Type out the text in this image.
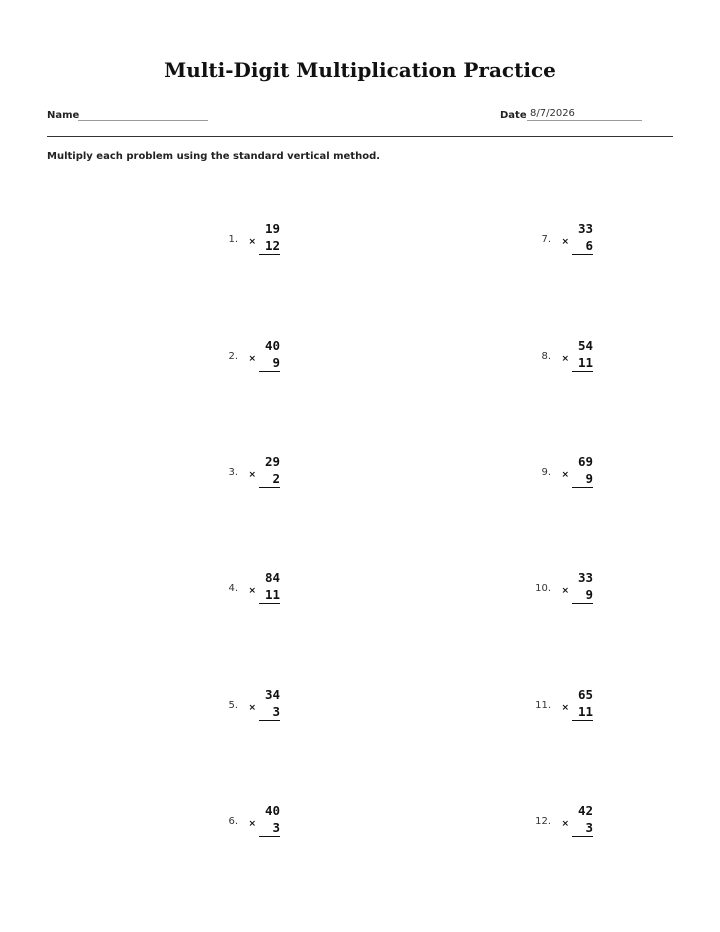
Multi-Digit Multiplication Practice
Name	Date 8/7/2026
Multiply each problem using the standard vertical method.
1.
19
× 12
2.
40
×	9
3.
29
×	2
4.
84
× 11
5.
34
×	3
6.
40
×	3
7.
33
×	6
8.
54
× 11
9.
69
×	9
10.
33
×	9
11.
65
× 11
12.
42
×	3
